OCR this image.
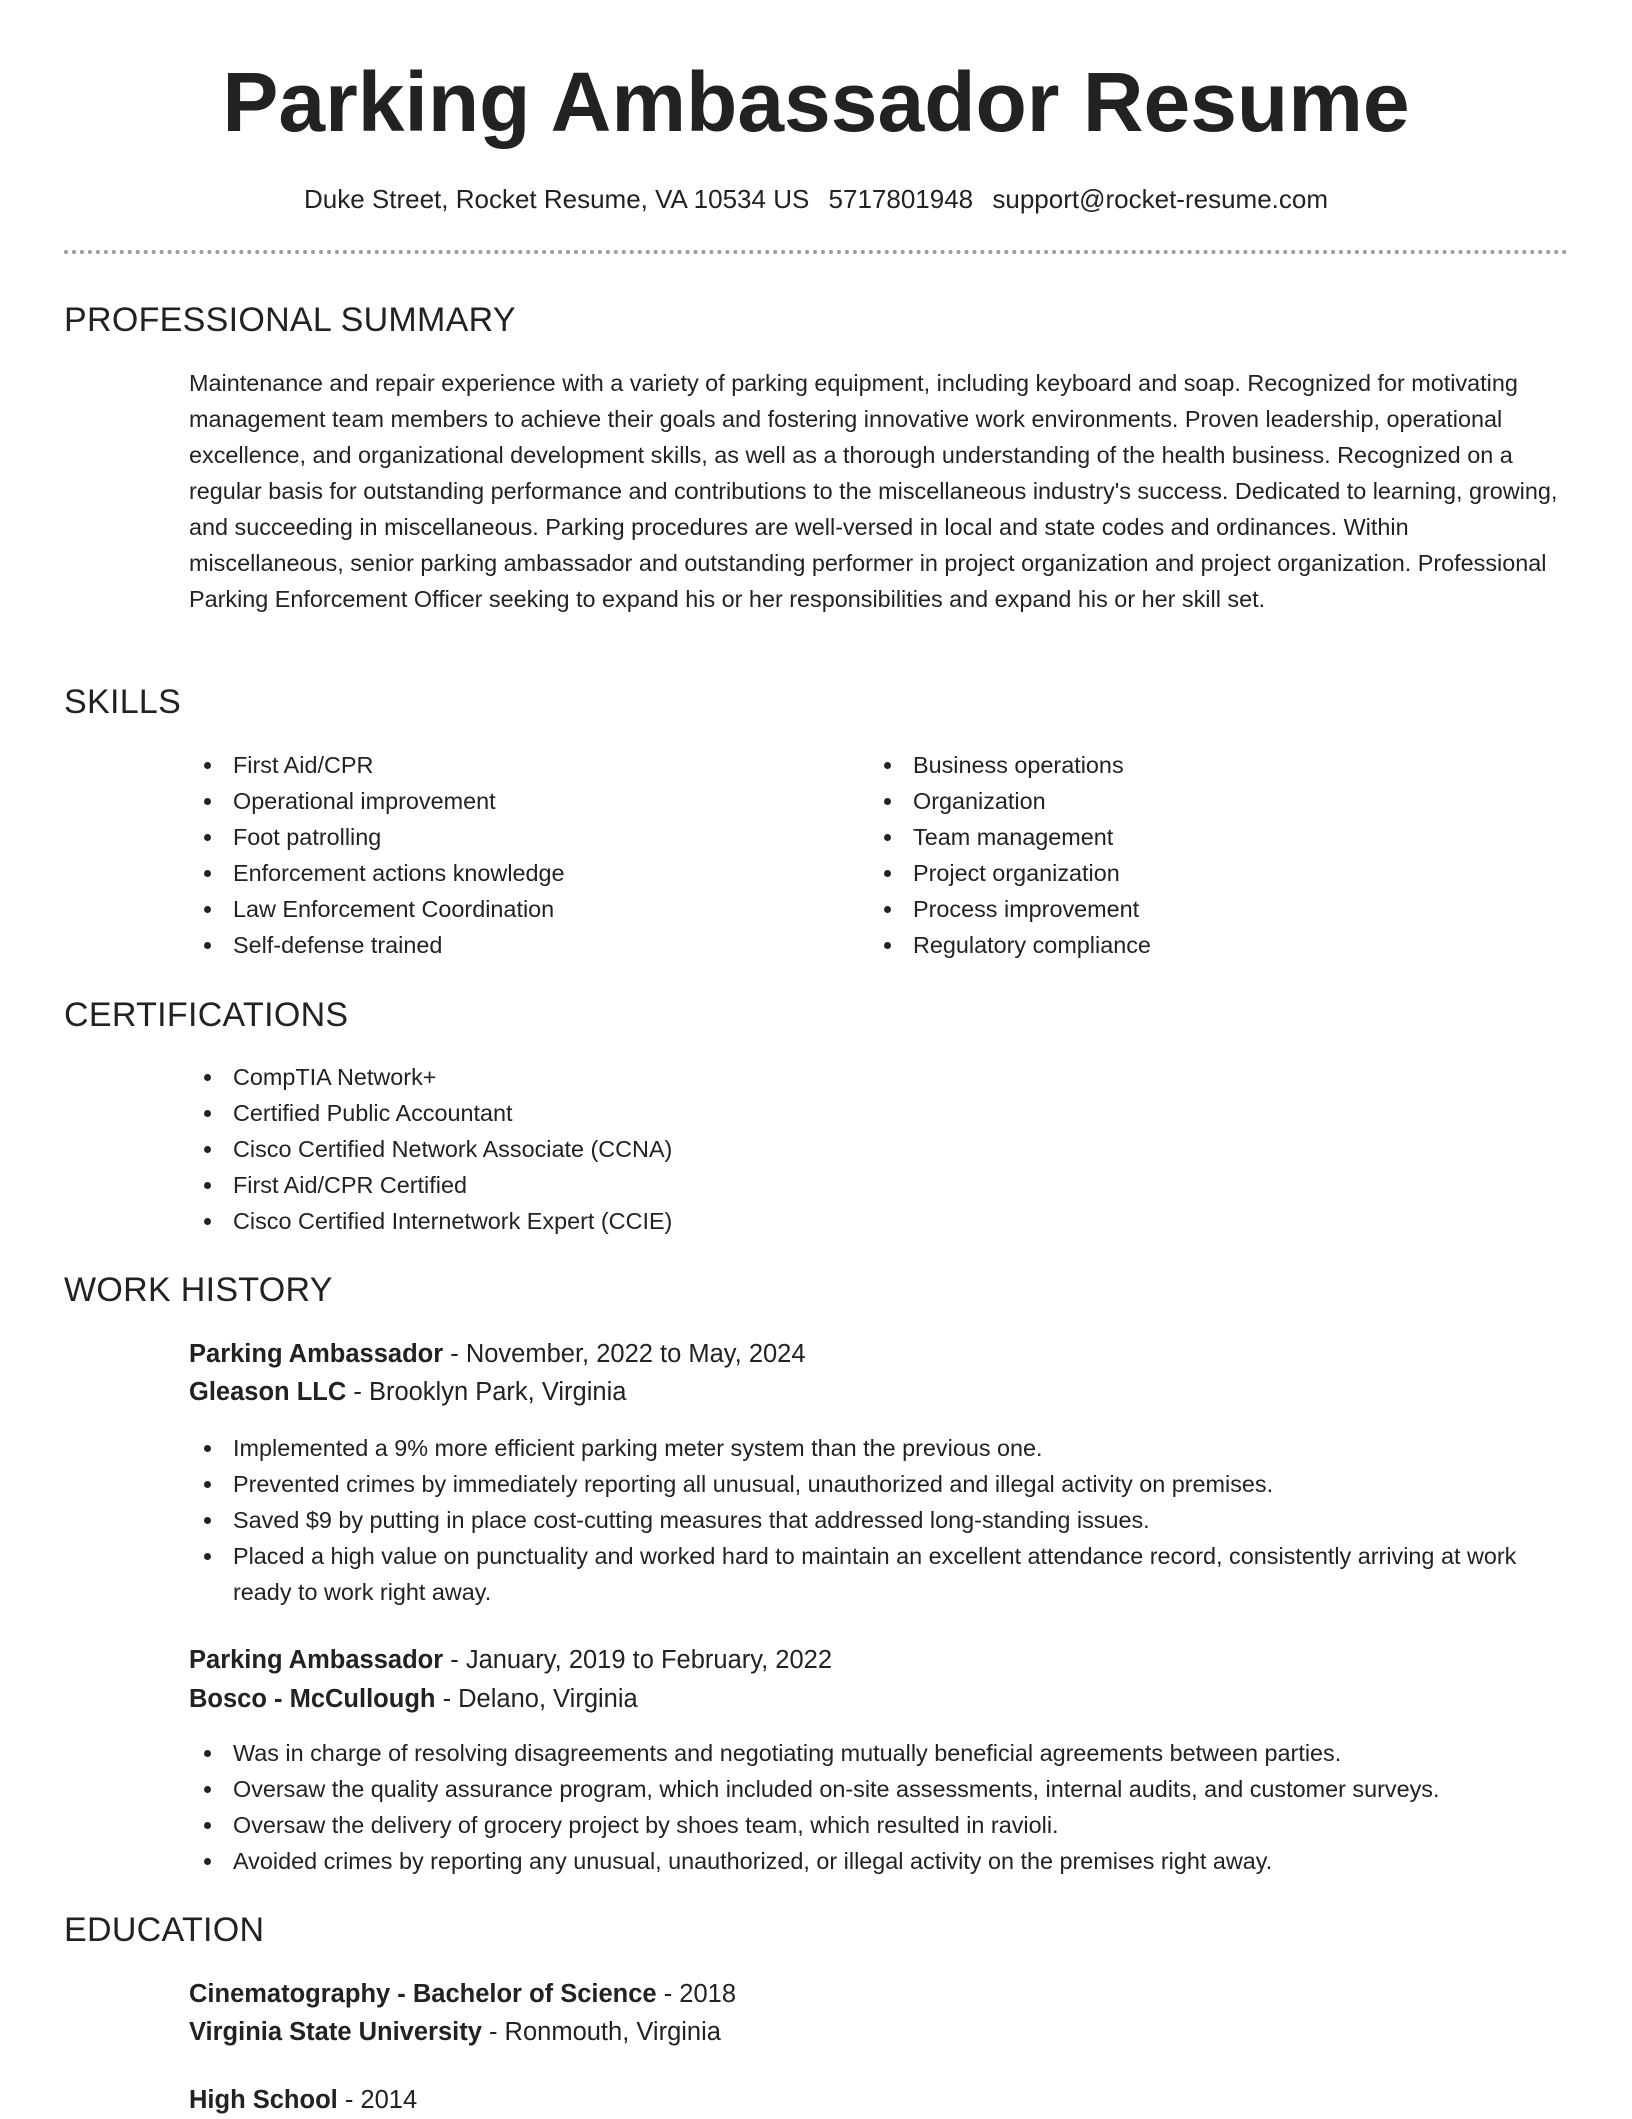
Parking Ambassador Resume
Duke Street, Rocket Resume, VA 10534 US 5717801948 support@rocket-resume.com
PROFESSIONAL SUMMARY

Maintenance and repair experience with a variety of parking equipment, including keyboard and soap. Recognized for motivating management team members to achieve their goals and fostering innovative work environments. Proven leadership, operational excellence, and organizational development skills, as well as a thorough understanding of the health business. Recognized on a regular basis for outstanding performance and contributions to the miscellaneous industry's success. Dedicated to learning, growing, and succeeding in miscellaneous. Parking procedures are well-versed in local and state codes and ordinances. Within miscellaneous, senior parking ambassador and outstanding performer in project organization and project organization. Professional Parking Enforcement Officer seeking to expand his or her responsibilities and expand his or her skill set.

SKILLS
First Aid/CPR
Operational improvement
Foot patrolling
Enforcement actions knowledge
Law Enforcement Coordination
Self-defense trained
Business operations
Organization
Team management
Project organization
Process improvement
Regulatory compliance
CERTIFICATIONS
CompTIA Network+
Certified Public Accountant
Cisco Certified Network Associate (CCNA)
First Aid/CPR Certified
Cisco Certified Internetwork Expert (CCIE)
WORK HISTORY
Parking Ambassador - November, 2022 to May, 2024
Gleason LLC - Brooklyn Park, Virginia
Implemented a 9% more efficient parking meter system than the previous one.
Prevented crimes by immediately reporting all unusual, unauthorized and illegal activity on premises.
Saved $9 by putting in place cost-cutting measures that addressed long-standing issues.
Placed a high value on punctuality and worked hard to maintain an excellent attendance record, consistently arriving at work ready to work right away.
Parking Ambassador - January, 2019 to February, 2022
Bosco - McCullough - Delano, Virginia
Was in charge of resolving disagreements and negotiating mutually beneficial agreements between parties.
Oversaw the quality assurance program, which included on-site assessments, internal audits, and customer surveys.
Oversaw the delivery of grocery project by shoes team, which resulted in ravioli.
Avoided crimes by reporting any unusual, unauthorized, or illegal activity on the premises right away.
EDUCATION
Cinematography - Bachelor of Science - 2018
Virginia State University - Ronmouth, Virginia
High School - 2014
